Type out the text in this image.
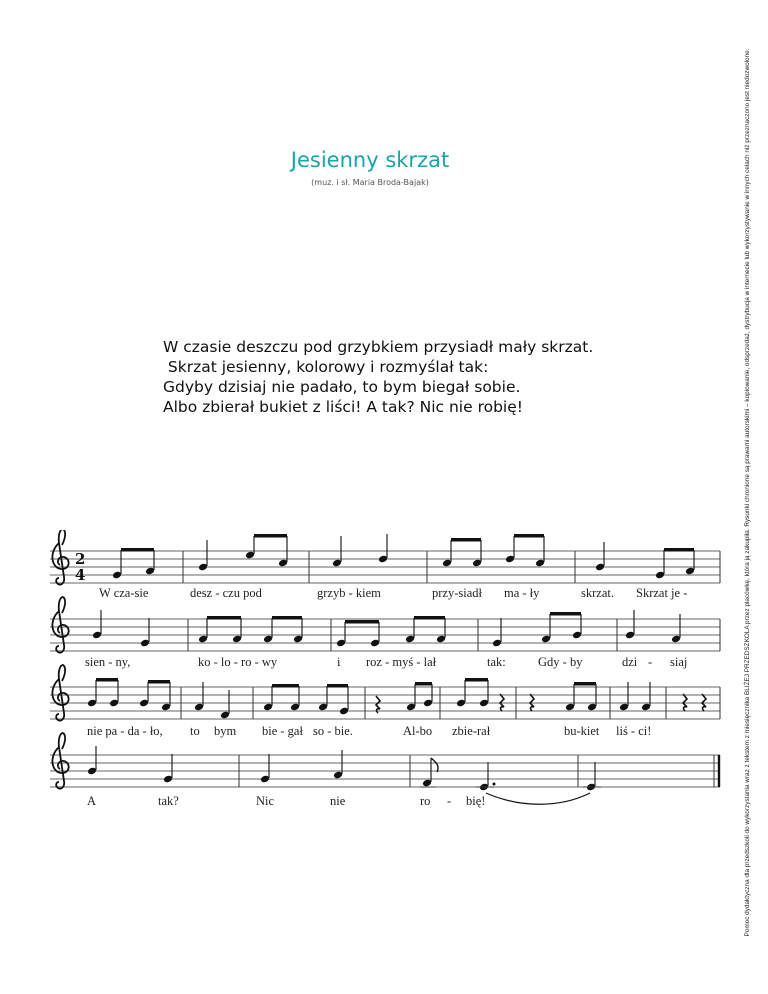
Pomoc dydaktyczna dla przedszkoli do wykorzystania wraz z tekstem z miesięcznika BLIŻEJ PRZEDSZKOLA przez placówkę, która ją zakupiła. Rysunki chronione są prawami autorskimi – kopiowanie, odsprzedaż, dystrybucja w internecie lub wykorzystywanie w innych celach niż przeznaczono jest niedozwolone.
Jesienny skrzat
(muz. i sł. Maria Broda-Bajak)
W czasie deszczu pod grzybkiem przysiadł mały skrzat.
Skrzat jesienny, kolorowy i rozmyślał tak:
Gdyby dzisiaj nie padało, to bym biegał sobie.
Albo zbierał bukiet z liści! A tak? Nic nie robię!
2
4
W cza-sie	desz - czu pod	grzyb - kiem	przy-siadł ma - ły	skrzat. Skrzat je -
sien - ny,	ko - lo - ro - wy	i roz - myś - lał	tak:	Gdy - by	dzi - siaj
nie pa - da - ło, to bym bie - gał so - bie.	Al-bo zbie-rał	bu-kiet liś - ci!
A	tak?	Nic	nie	ro - bię!
